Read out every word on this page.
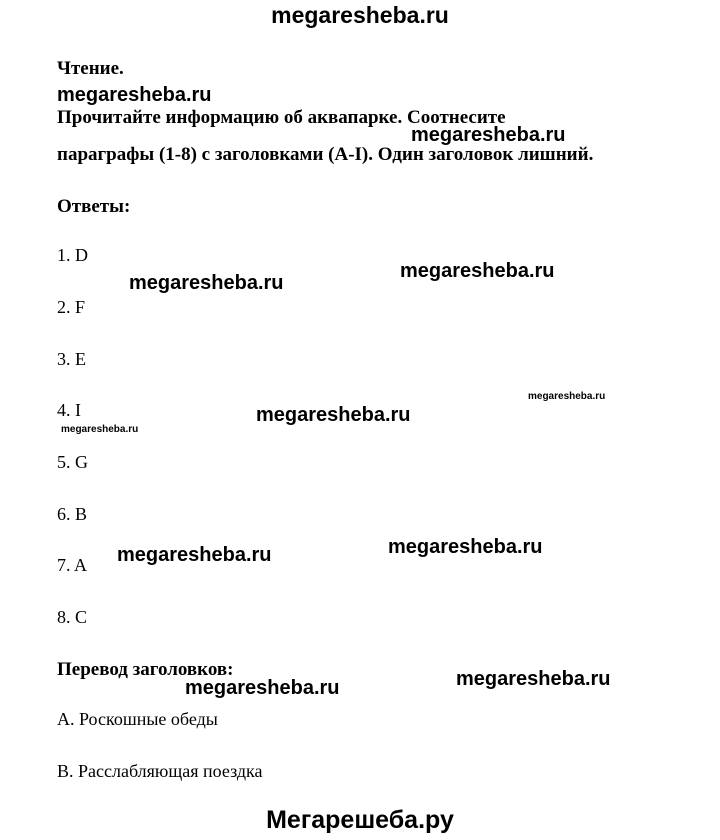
megaresheba.ru
Чтение.
megaresheba.ru
Прочитайте информацию об аквапарке. Соотнесите
megaresheba.ru
параграфы (1-8) с заголовками (A-I). Один заголовок лишний.
Ответы:
1. D
2. F
3. E
4. I
5. G
6. B
7. A
8. C
megaresheba.ru
megaresheba.ru
megaresheba.ru
megaresheba.ru
megaresheba.ru
megaresheba.ru
megaresheba.ru
Перевод заголовков:	megaresheba.ru
megaresheba.ru
A. Роскошные обеды
B. Расслабляющая поездка
Мегарешеба.ру
